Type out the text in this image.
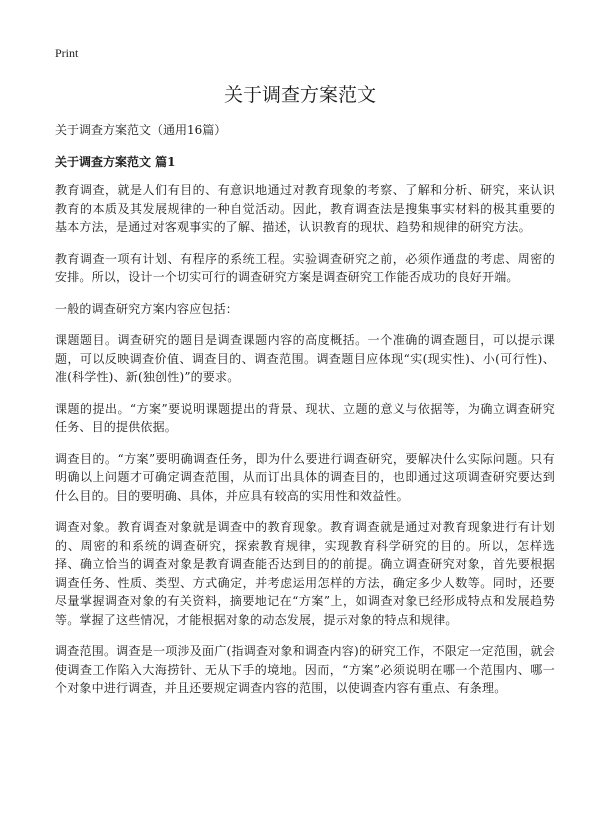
Print
关于调查方案范文

关于调查方案范文（通用16篇）

关于调查方案范文 篇1

教育调查，就是人们有目的、有意识地通过对教育现象的考察、了解和分析、研究，来认识教育的本质及其发展规律的一种自觉活动。因此，教育调查法是搜集事实材料的极其重要的基本方法，是通过对客观事实的了解、描述，认识教育的现状、趋势和规律的研究方法。

教育调查一项有计划、有程序的系统工程。实验调查研究之前，必须作通盘的考虑、周密的安排。所以，设计一个切实可行的调查研究方案是调查研究工作能否成功的良好开端。

一般的调查研究方案内容应包括：

课题题目。调查研究的题目是调查课题内容的高度概括。一个准确的调查题目，可以提示课题，可以反映调查价值、调查目的、调查范围。调查题目应体现“实(现实性)、小(可行性)、准(科学性)、新(独创性)”的要求。

课题的提出。“方案”要说明课题提出的背景、现状、立题的意义与依据等，为确立调查研究任务、目的提供依据。

调查目的。“方案”要明确调查任务，即为什么要进行调查研究，要解决什么实际问题。只有明确以上问题才可确定调查范围，从而订出具体的调查目的，也即通过这项调查研究要达到什么目的。目的要明确、具体，并应具有较高的实用性和效益性。

调查对象。教育调查对象就是调查中的教育现象。教育调查就是通过对教育现象进行有计划的、周密的和系统的调查研究，探索教育规律，实现教育科学研究的目的。所以，怎样选择、确立恰当的调查对象是教育调查能否达到目的的前提。确立调查研究对象，首先要根据调查任务、性质、类型、方式确定，并考虑运用怎样的方法，确定多少人数等。同时，还要尽量掌握调查对象的有关资料，摘要地记在“方案”上，如调查对象已经形成特点和发展趋势等。掌握了这些情况，才能根据对象的动态发展，提示对象的特点和规律。

调查范围。调查是一项涉及面广(指调查对象和调查内容)的研究工作，不限定一定范围，就会使调查工作陷入大海捞针、无从下手的境地。因而，“方案”必须说明在哪一个范围内、哪一个对象中进行调查，并且还要规定调查内容的范围，以使调查内容有重点、有条理。
